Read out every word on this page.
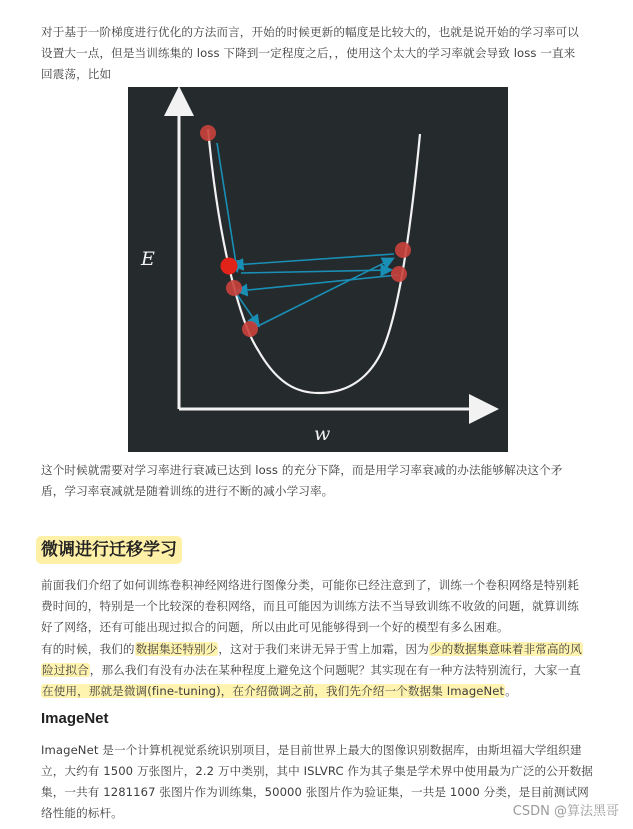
对于基于一阶梯度进行优化的方法而言，开始的时候更新的幅度是比较大的，也就是说开始的学习率可以
设置大一点，但是当训练集的 loss 下降到一定程度之后，，使用这个太大的学习率就会导致 loss 一直来
回震荡，比如
E
w
这个时候就需要对学习率进行衰减已达到 loss 的充分下降，而是用学习率衰减的办法能够解决这个矛
盾，学习率衰减就是随着训练的进行不断的减小学习率。
微调进行迁移学习
前面我们介绍了如何训练卷积神经网络进行图像分类，可能你已经注意到了，训练一个卷积网络是特别耗
费时间的，特别是一个比较深的卷积网络，而且可能因为训练方法不当导致训练不收敛的问题，就算训练
好了网络，还有可能出现过拟合的问题，所以由此可见能够得到一个好的模型有多么困难。
有的时候，我们的数据集还特别少，这对于我们来讲无异于雪上加霜，因为少的数据集意味着非常高的风
险过拟合，那么我们有没有办法在某种程度上避免这个问题呢？其实现在有一种方法特别流行，大家一直
在使用，那就是微调(fine-tuning)，在介绍微调之前，我们先介绍一个数据集 ImageNet。
ImageNet
ImageNet 是一个计算机视觉系统识别项目，是目前世界上最大的图像识别数据库，由斯坦福大学组织建
立，大约有 1500 万张图片，2.2 万中类别，其中 ISLVRC 作为其子集是学术界中使用最为广泛的公开数据
集，一共有 1281167 张图片作为训练集，50000 张图片作为验证集，一共是 1000 分类，是目前测试网
络性能的标杆。	CSDN @算法黑哥
